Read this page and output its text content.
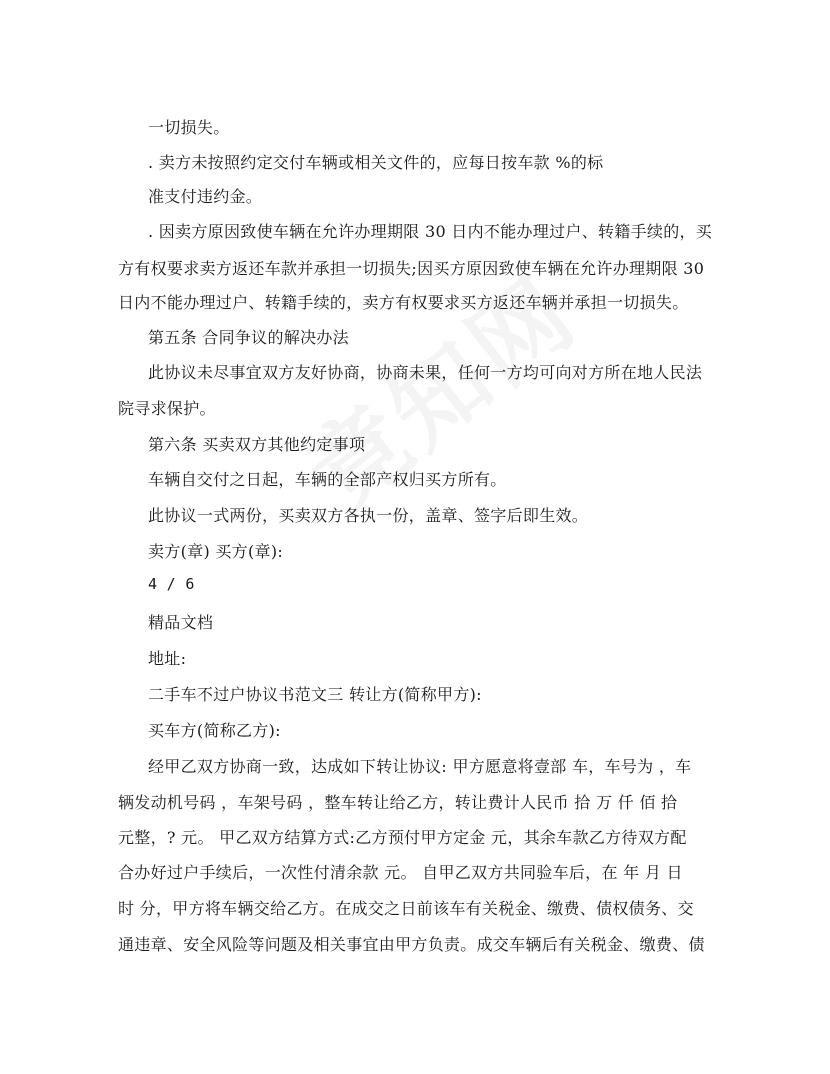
一切损失。
. 卖方未按照约定交付车辆或相关文件的，应每日按车款 %的标
准支付违约金。
. 因卖方原因致使车辆在允许办理期限 30 日内不能办理过户、转籍手续的，买
方有权要求卖方返还车款并承担一切损失;因买方原因致使车辆在允许办理期限 30
日内不能办理过户、转籍手续的，卖方有权要求买方返还车辆并承担一切损失。
第五条 合同争议的解决办法
此协议未尽事宜双方友好协商，协商未果，任何一方均可向对方所在地人民法
院寻求保护。
第六条 买卖双方其他约定事项
车辆自交付之日起，车辆的全部产权归买方所有。
此协议一式两份，买卖双方各执一份，盖章、签字后即生效。
卖方(章) 买方(章):
4 / 6
精品文档
地址:
二手车不过户协议书范文三 转让方(简称甲方):
买车方(简称乙方):
经甲乙双方协商一致，达成如下转让协议: 甲方愿意将壹部 车，车号为 ，车
辆发动机号码 ，车架号码 ，整车转让给乙方，转让费计人民币 拾 万 仟 佰 拾
元整，? 元。 甲乙双方结算方式:乙方预付甲方定金 元，其余车款乙方待双方配
合办好过户手续后，一次性付清余款 元。 自甲乙双方共同验车后，在 年 月 日
时 分，甲方将车辆交给乙方。在成交之日前该车有关税金、缴费、债权债务、交
通违章、安全风险等问题及相关事宜由甲方负责。成交车辆后有关税金、缴费、债
